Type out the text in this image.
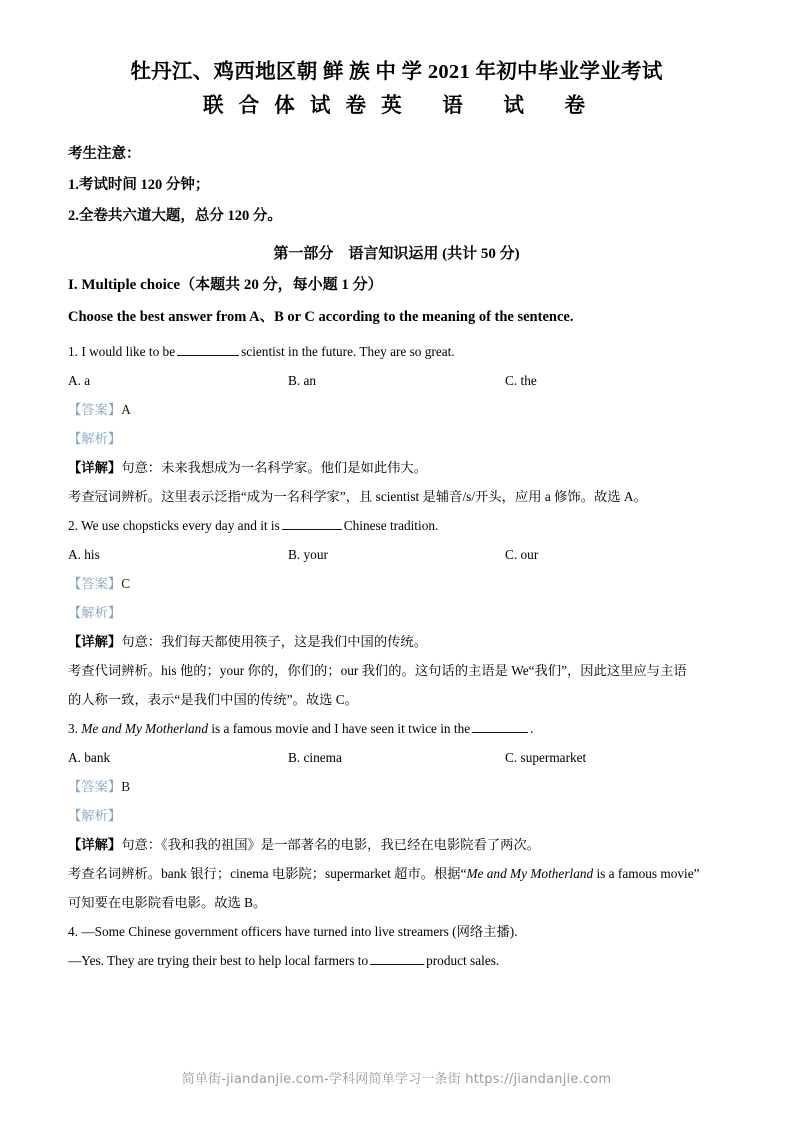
牡丹江、鸡西地区朝 鲜 族 中 学 2021 年初中毕业学业考试
联 合 体 试 卷 英　 语　 试　 卷

考生注意：

1.考试时间 120 分钟；

2.全卷共六道大题，总分 120 分。

第一部分　语言知识运用 (共计 50 分)

I. Multiple choice（本题共 20 分，每小题 1 分）

Choose the best answer from A、B or C according to the meaning of the sentence.

1. I would like to be	scientist in the future. They are so great.

A. a	B. an	C. the

【答案】A

【解析】

【详解】句意：未来我想成为一名科学家。他们是如此伟大。

考查冠词辨析。这里表示泛指“成为一名科学家”，且 scientist 是辅音/s/开头，应用 a 修饰。故选 A。

2. We use chopsticks every day and it is	Chinese tradition.

A. his	B. your	C. our

【答案】C

【解析】

【详解】句意：我们每天都使用筷子，这是我们中国的传统。

考查代词辨析。his 他的；your 你的，你们的；our 我们的。这句话的主语是 We“我们”，因此这里应与主语

的人称一致，表示“是我们中国的传统”。故选 C。

3. Me and My Motherland is a famous movie and I have seen it twice in the	.

A. bank	B. cinema	C. supermarket

【答案】B

【解析】

【详解】句意：《我和我的祖国》是一部著名的电影，我已经在电影院看了两次。

考查名词辨析。bank 银行；cinema 电影院；supermarket 超市。根据“Me and My Motherland is a famous movie”

可知要在电影院看电影。故选 B。

4. —Some Chinese government officers have turned into live streamers (网络主播).

—Yes. They are trying their best to help local farmers to	product sales.

简单街-jiandanjie.com-学科网简单学习一条街 https://jiandanjie.com
